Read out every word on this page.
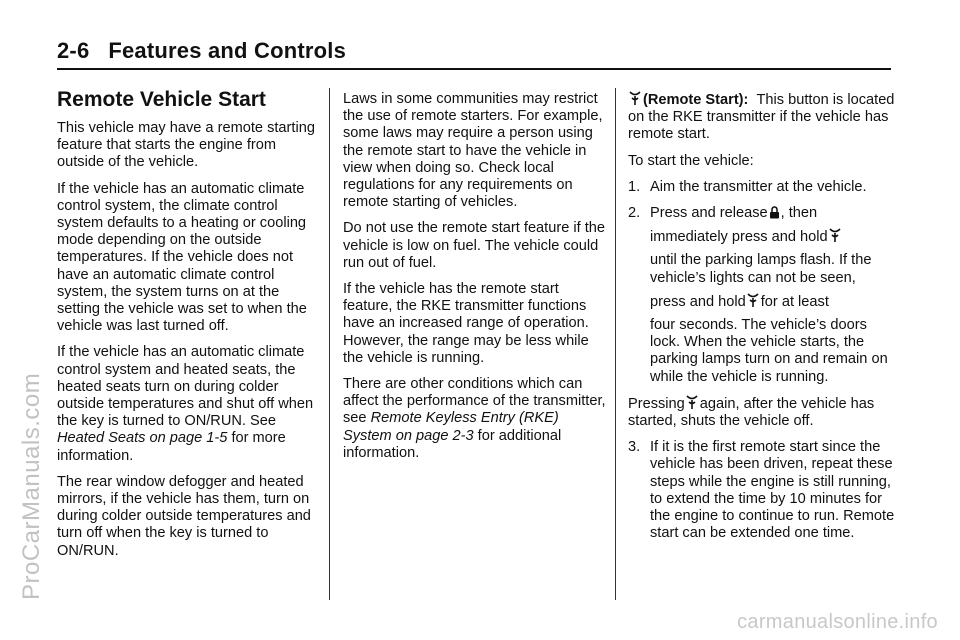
2-6 Features and Controls
Remote Vehicle Start

This vehicle may have a remote starting feature that starts the engine from outside of the vehicle.

If the vehicle has an automatic climate control system, the climate control system defaults to a heating or cooling mode depending on the outside temperatures. If the vehicle does not have an automatic climate control system, the system turns on at the setting the vehicle was set to when the vehicle was last turned off.

If the vehicle has an automatic climate control system and heated seats, the heated seats turn on during colder outside temperatures and shut off when the key is turned to ON/RUN. See Heated Seats on page 1-5 for more information.

The rear window defogger and heated mirrors, if the vehicle has them, turn on during colder outside temperatures and turn off when the key is turned to ON/RUN.

Laws in some communities may restrict the use of remote starters. For example, some laws may require a person using the remote start to have the vehicle in view when doing so. Check local regulations for any requirements on remote starting of vehicles.

Do not use the remote start feature if the vehicle is low on fuel. The vehicle could run out of fuel.

If the vehicle has the remote start feature, the RKE transmitter functions have an increased range of operation. However, the range may be less while the vehicle is running.

There are other conditions which can affect the performance of the transmitter, see Remote Keyless Entry (RKE) System on page 2-3 for additional information.

(Remote Start): This button is located on the RKE transmitter if the vehicle has remote start.

To start the vehicle:

1. Aim the transmitter at the vehicle.
2. Press and release , then
immediately press and hold
until the parking lamps flash. If the vehicle’s lights can not be seen,
press and hold for at least
four seconds. The vehicle’s doors lock. When the vehicle starts, the parking lamps turn on and remain on while the vehicle is running.

Pressing again, after the vehicle has started, shuts the vehicle off.

3. If it is the first remote start since the vehicle has been driven, repeat these steps while the engine is still running, to extend the time by 10 minutes for the engine to continue to run. Remote start can be extended one time.
ProCarManuals.com
carmanualsonline.info
